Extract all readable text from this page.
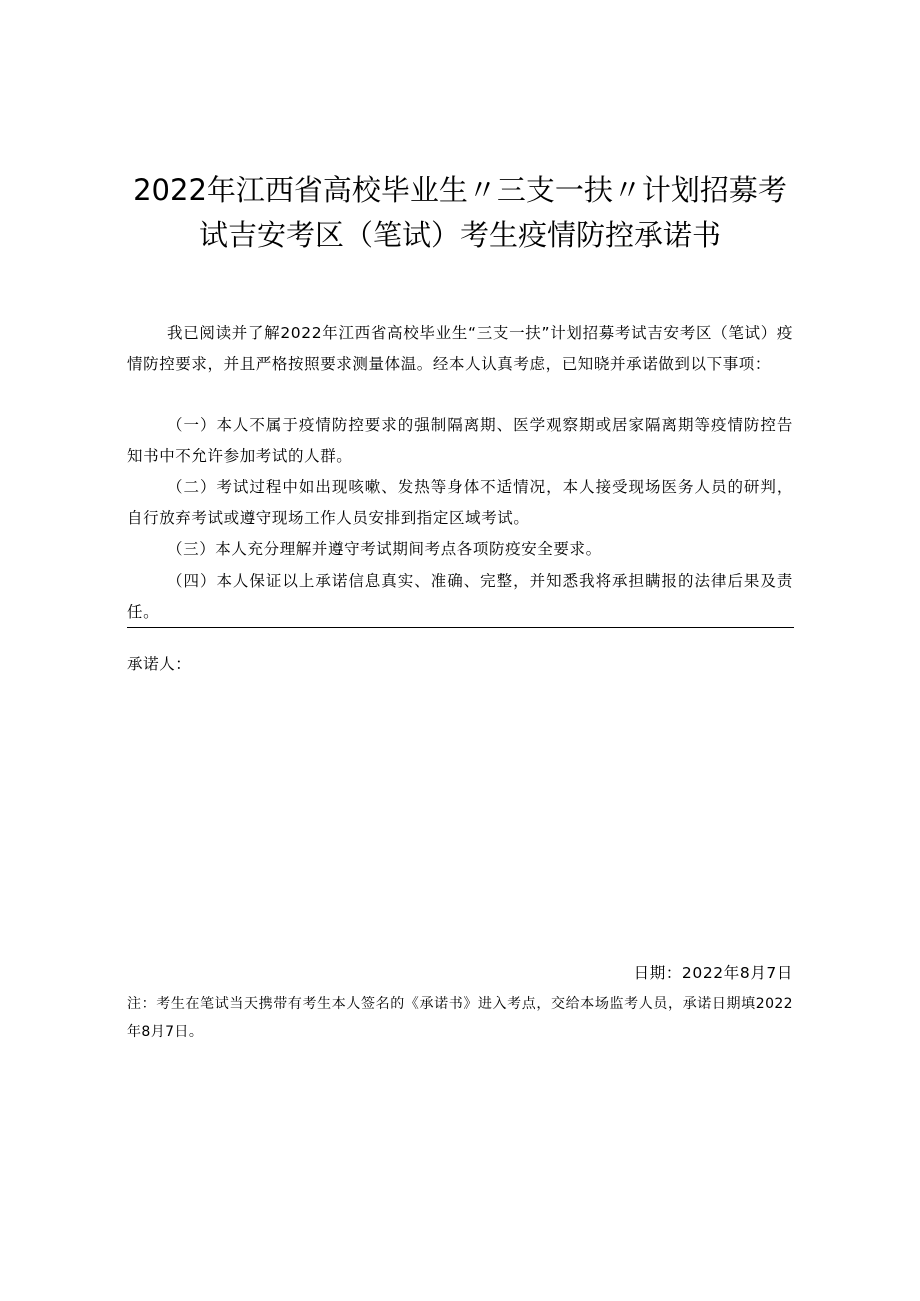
2022年江西省高校毕业生〃三支一扶〃计划招募考
试吉安考区（笔试）考生疫情防控承诺书

我已阅读并了解2022年江西省高校毕业生“三支一扶”计划招募考试吉安考区（笔试）疫情防控要求，并且严格按照要求测量体温。经本人认真考虑，已知晓并承诺做到以下事项：

（一）本人不属于疫情防控要求的强制隔离期、医学观察期或居家隔离期等疫情防控告知书中不允许参加考试的人群。

（二）考试过程中如出现咳嗽、发热等身体不适情况，本人接受现场医务人员的研判，自行放弃考试或遵守现场工作人员安排到指定区域考试。

（三）本人充分理解并遵守考试期间考点各项防疫安全要求。

（四）本人保证以上承诺信息真实、准确、完整，并知悉我将承担瞒报的法律后果及责任。

承诺人：

日期：2022年8月7日

注：考生在笔试当天携带有考生本人签名的《承诺书》进入考点，交给本场监考人员，承诺日期填2022年8月7日。
